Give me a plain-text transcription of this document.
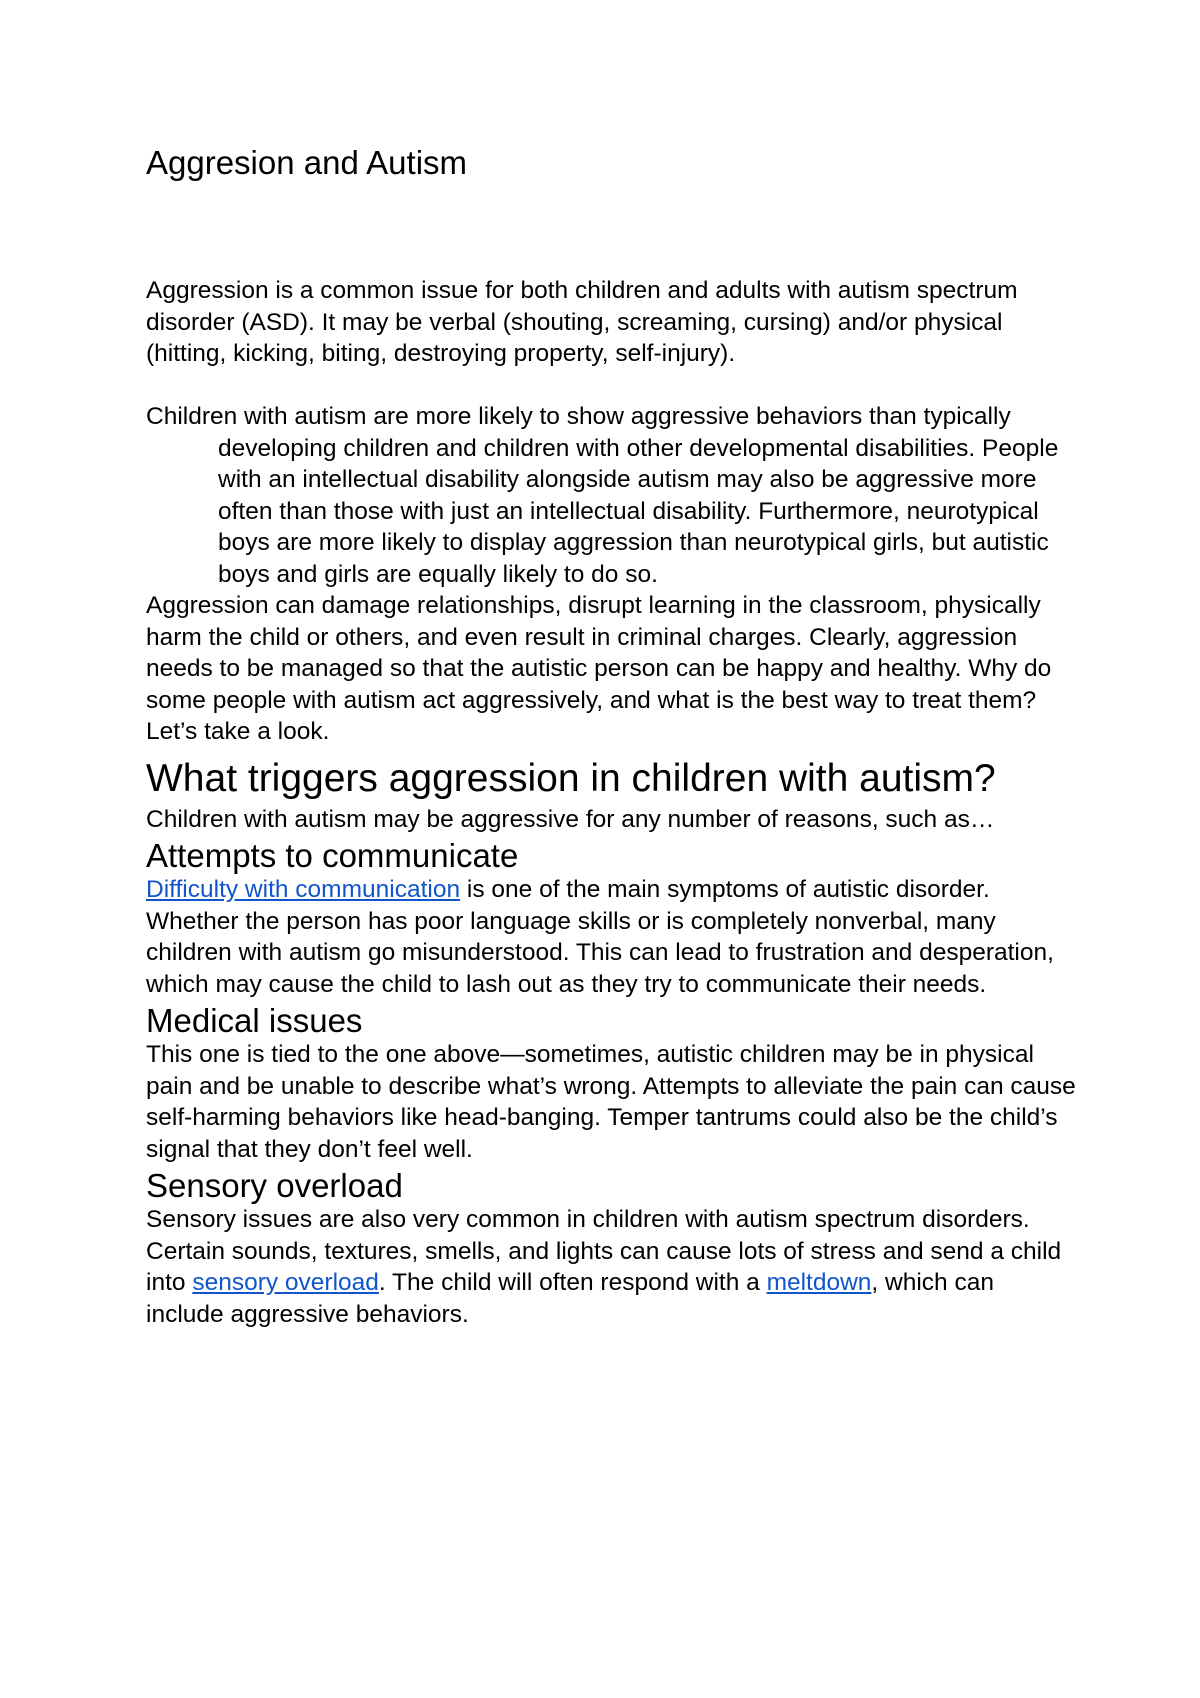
Aggresion and Autism

Aggression is a common issue for both children and adults with autism spectrum disorder (ASD). It may be verbal (shouting, screaming, cursing) and/or physical (hitting, kicking, biting, destroying property, self-injury).

Children with autism are more likely to show aggressive behaviors than typically developing children and children with other developmental disabilities. People with an intellectual disability alongside autism may also be aggressive more often than those with just an intellectual disability. Furthermore, neurotypical boys are more likely to display aggression than neurotypical girls, but autistic boys and girls are equally likely to do so.

Aggression can damage relationships, disrupt learning in the classroom, physically harm the child or others, and even result in criminal charges. Clearly, aggression needs to be managed so that the autistic person can be happy and healthy. Why do some people with autism act aggressively, and what is the best way to treat them? Let’s take a look.

What triggers aggression in children with autism?

Children with autism may be aggressive for any number of reasons, such as…

Attempts to communicate

Difficulty with communication is one of the main symptoms of autistic disorder. Whether the person has poor language skills or is completely nonverbal, many children with autism go misunderstood. This can lead to frustration and desperation, which may cause the child to lash out as they try to communicate their needs.

Medical issues

This one is tied to the one above—sometimes, autistic children may be in physical pain and be unable to describe what’s wrong. Attempts to alleviate the pain can cause self-harming behaviors like head-banging. Temper tantrums could also be the child’s signal that they don’t feel well.

Sensory overload

Sensory issues are also very common in children with autism spectrum disorders. Certain sounds, textures, smells, and lights can cause lots of stress and send a child into sensory overload. The child will often respond with a meltdown, which can include aggressive behaviors.
